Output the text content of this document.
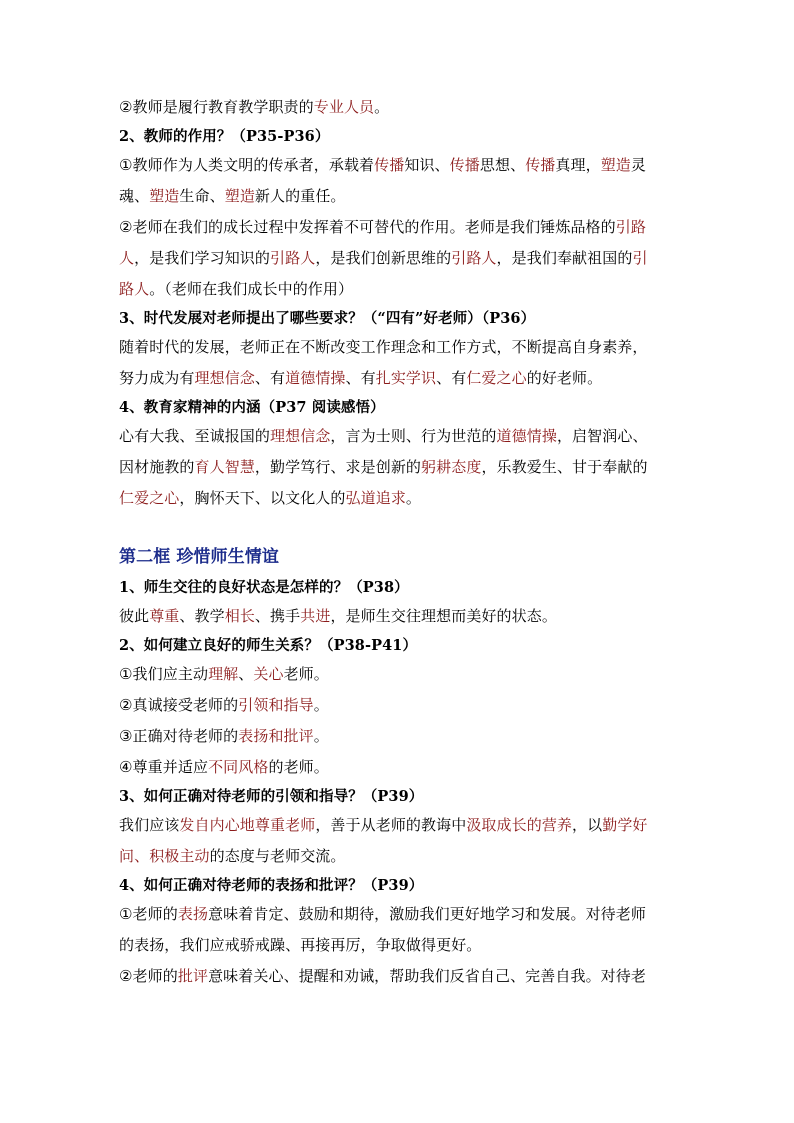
②教师是履行教育教学职责的专业人员。
2、教师的作用？（P35-P36）
①教师作为人类文明的传承者，承载着传播知识、传播思想、传播真理，塑造灵
魂、塑造生命、塑造新人的重任。
②老师在我们的成长过程中发挥着不可替代的作用。老师是我们锤炼品格的引路
人，是我们学习知识的引路人，是我们创新思维的引路人，是我们奉献祖国的引
路人。（老师在我们成长中的作用）
3、时代发展对老师提出了哪些要求？（“四有”好老师）（P36）
随着时代的发展，老师正在不断改变工作理念和工作方式，不断提高自身素养，
努力成为有理想信念、有道德情操、有扎实学识、有仁爱之心的好老师。
4、教育家精神的内涵（P37 阅读感悟）
心有大我、至诚报国的理想信念，言为士则、行为世范的道德情操，启智润心、
因材施教的育人智慧，勤学笃行、求是创新的躬耕态度，乐教爱生、甘于奉献的
仁爱之心，胸怀天下、以文化人的弘道追求。
第二框 珍惜师生情谊
1、师生交往的良好状态是怎样的？（P38）
彼此尊重、教学相长、携手共进，是师生交往理想而美好的状态。
2、如何建立良好的师生关系？（P38-P41）
①我们应主动理解、关心老师。
②真诚接受老师的引领和指导。
③正确对待老师的表扬和批评。
④尊重并适应不同风格的老师。
3、如何正确对待老师的引领和指导？（P39）
我们应该发自内心地尊重老师，善于从老师的教诲中汲取成长的营养，以勤学好
问、积极主动的态度与老师交流。
4、如何正确对待老师的表扬和批评？（P39）
①老师的表扬意味着肯定、鼓励和期待，激励我们更好地学习和发展。对待老师
的表扬，我们应戒骄戒躁、再接再厉，争取做得更好。
②老师的批评意味着关心、提醒和劝诫，帮助我们反省自己、完善自我。对待老
